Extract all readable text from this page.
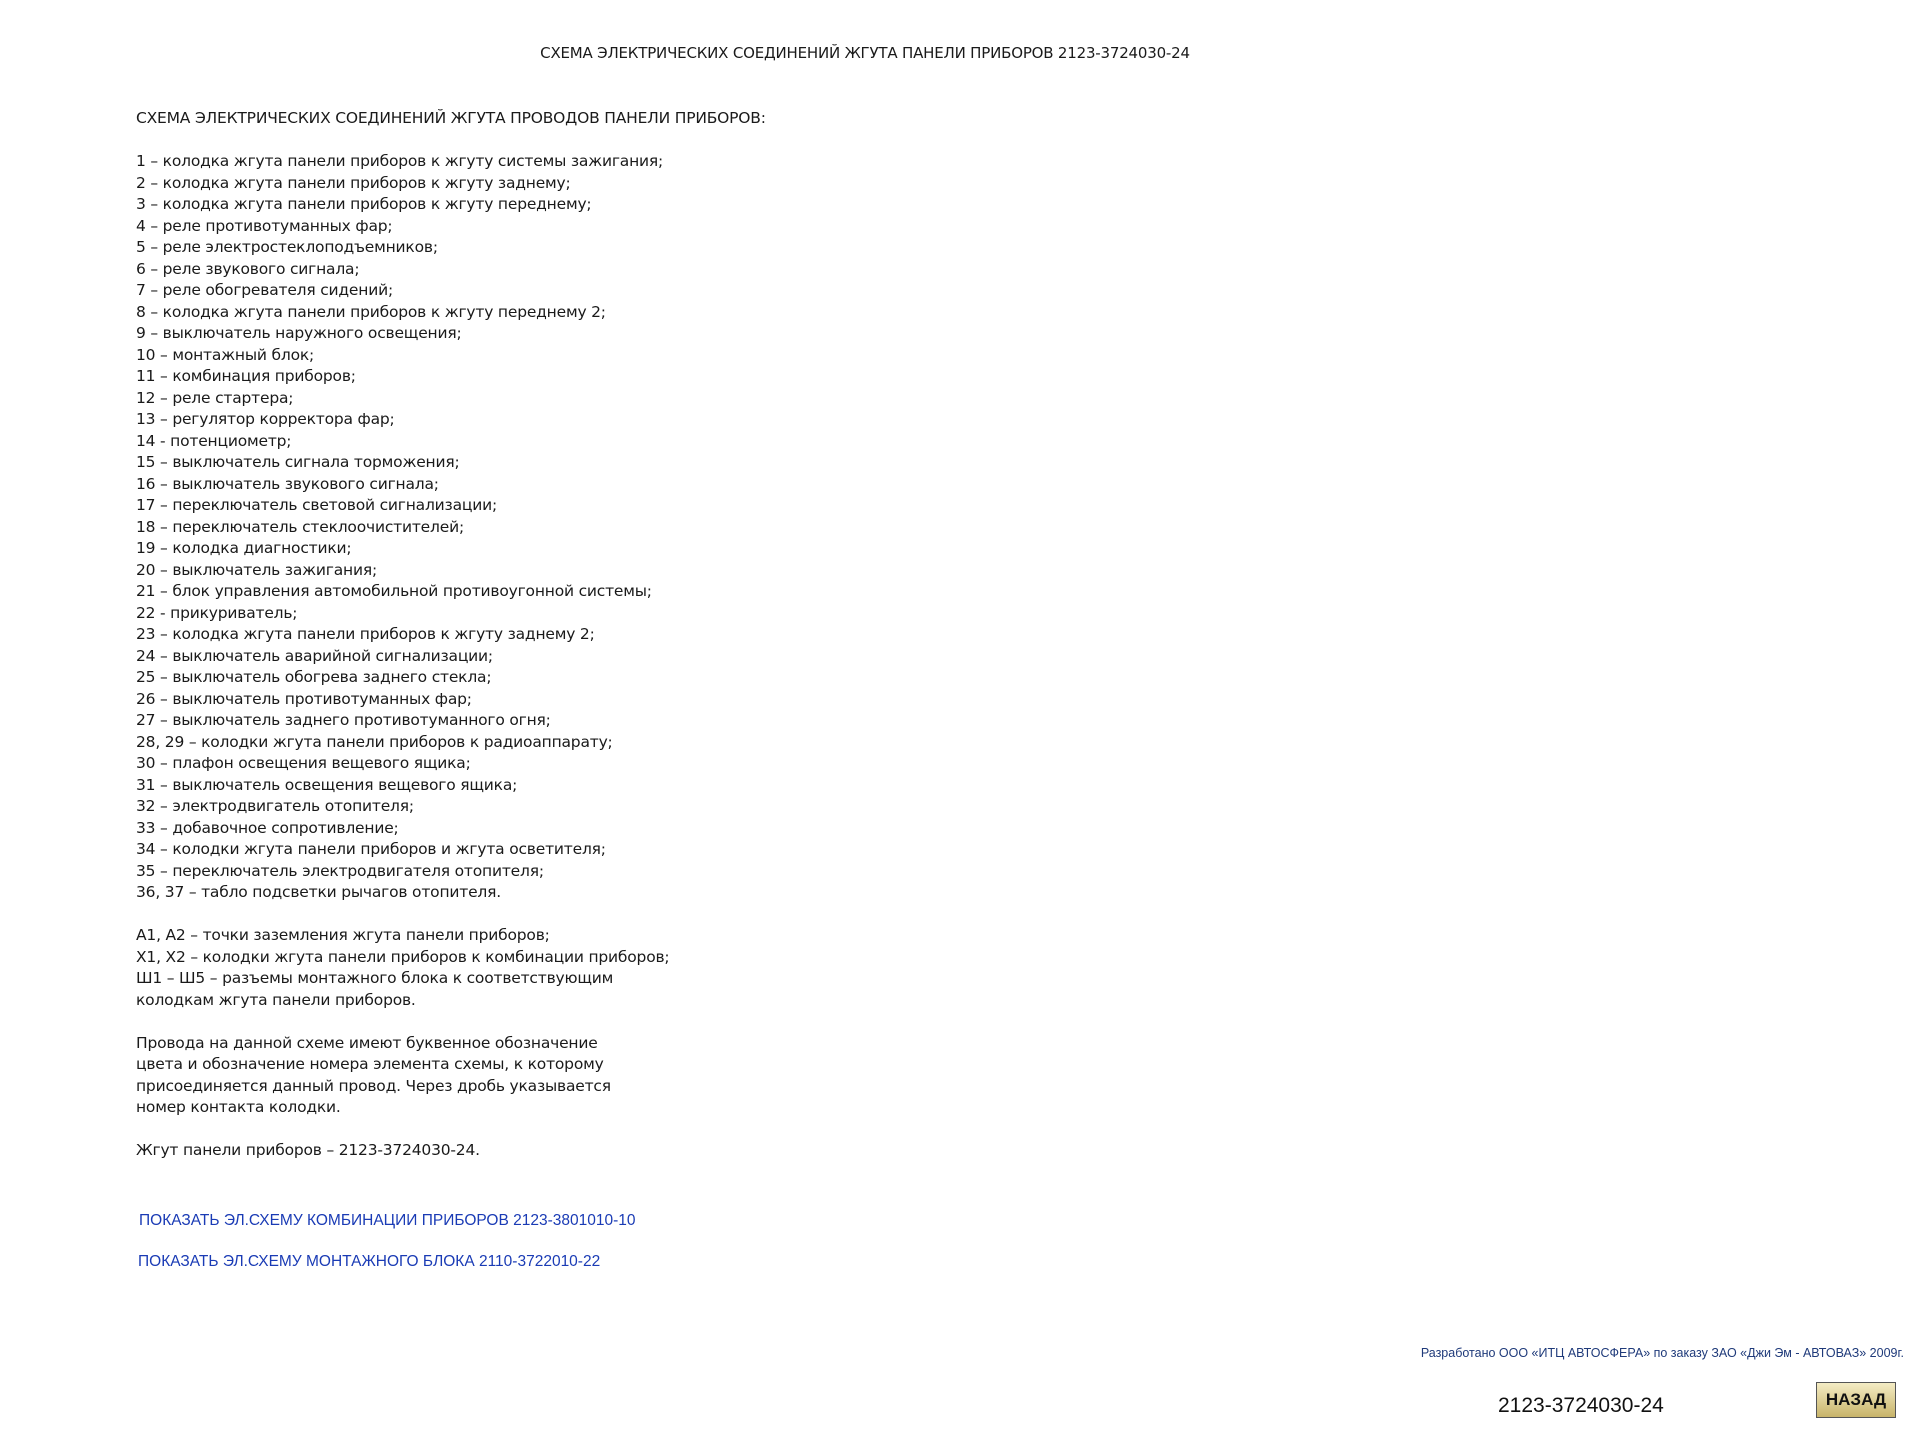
СХЕМА ЭЛЕКТРИЧЕСКИХ СОЕДИНЕНИЙ ЖГУТА ПАНЕЛИ ПРИБОРОВ 2123-3724030-24
СХЕМА ЭЛЕКТРИЧЕСКИХ СОЕДИНЕНИЙ ЖГУТА ПРОВОДОВ ПАНЕЛИ ПРИБОРОВ:
1 – колодка жгута панели приборов к жгуту системы зажигания;
2 – колодка жгута панели приборов к жгуту заднему;
3 – колодка жгута панели приборов к жгуту переднему;
4 – реле противотуманных фар;
5 – реле электростеклоподъемников;
6 – реле звукового сигнала;
7 – реле обогревателя сидений;
8 – колодка жгута панели приборов к жгуту переднему 2;
9 – выключатель наружного освещения;
10 – монтажный блок;
11 – комбинация приборов;
12 – реле стартера;
13 – регулятор корректора фар;
14 - потенциометр;
15 – выключатель сигнала торможения;
16 – выключатель звукового сигнала;
17 – переключатель световой сигнализации;
18 – переключатель стеклоочистителей;
19 – колодка диагностики;
20 – выключатель зажигания;
21 – блок управления автомобильной противоугонной системы;
22 - прикуриватель;
23 – колодка жгута панели приборов к жгуту заднему 2;
24 – выключатель аварийной сигнализации;
25 – выключатель обогрева заднего стекла;
26 – выключатель противотуманных фар;
27 – выключатель заднего противотуманного огня;
28, 29 – колодки жгута панели приборов к радиоаппарату;
30 – плафон освещения вещевого ящика;
31 – выключатель освещения вещевого ящика;
32 – электродвигатель отопителя;
33 – добавочное сопротивление;
34 – колодки жгута панели приборов и жгута осветителя;
35 – переключатель электродвигателя отопителя;
36, 37 – табло подсветки рычагов отопителя.
А1, А2 – точки заземления жгута панели приборов;
Х1, Х2 – колодки жгута панели приборов к комбинации приборов;
Ш1 – Ш5 – разъемы монтажного блока к соответствующим
колодкам жгута панели приборов.
Провода на данной схеме имеют буквенное обозначение
цвета и обозначение номера элемента схемы, к которому
присоединяется данный провод. Через дробь указывается
номер контакта колодки.
Жгут панели приборов – 2123-3724030-24.
ПОКАЗАТЬ ЭЛ.СХЕМУ КОМБИНАЦИИ ПРИБОРОВ 2123-3801010-10
ПОКАЗАТЬ ЭЛ.СХЕМУ МОНТАЖНОГО БЛОКА 2110-3722010-22
Разработано ООО «ИТЦ АВТОСФЕРА» по заказу ЗАО «Джи Эм - АВТОВАЗ» 2009г.
2123-3724030-24	НАЗАД
